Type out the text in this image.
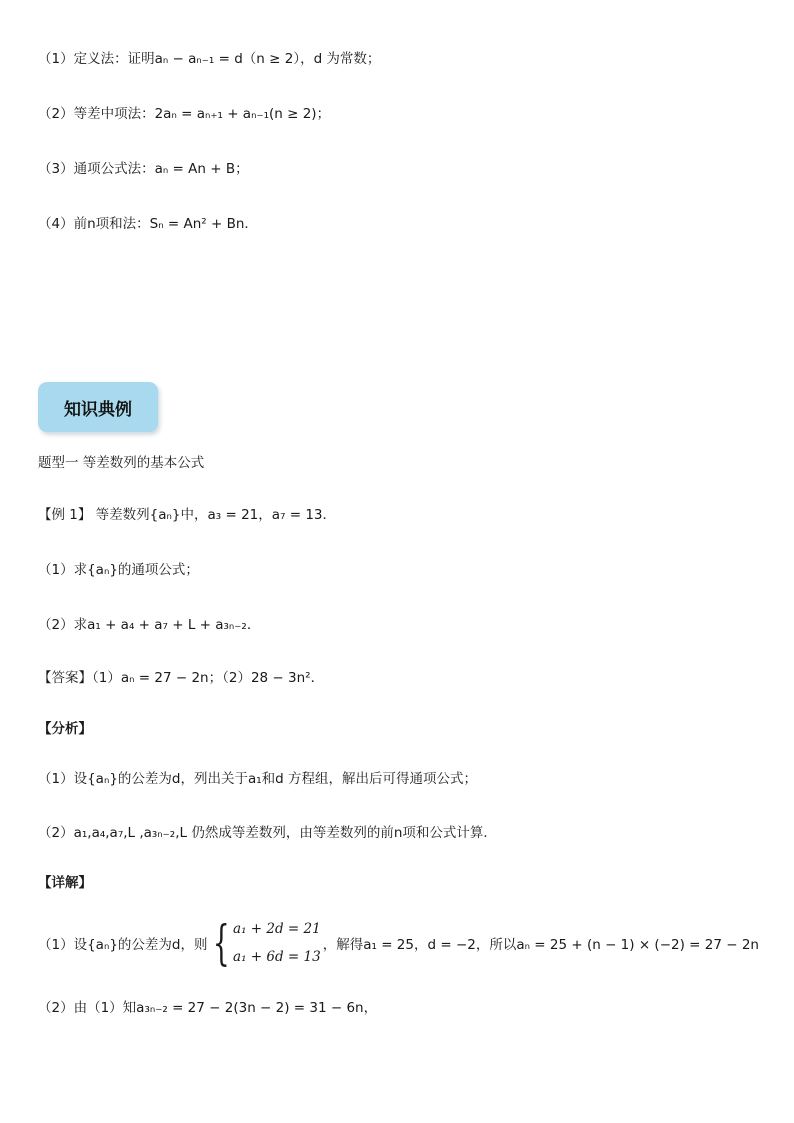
（1）定义法：证明aₙ − aₙ₋₁ = d（n ≥ 2），d 为常数；
（2）等差中项法：2aₙ = aₙ₊₁ + aₙ₋₁(n ≥ 2)；
（3）通项公式法：aₙ = An + B；
（4）前n项和法：Sₙ = An² + Bn．
知识典例
题型一 等差数列的基本公式
【例 1】 等差数列{aₙ}中，a₃ = 21，a₇ = 13．
（1）求{aₙ}的通项公式；
（2）求a₁ + a₄ + a₇ + L + a₃ₙ₋₂．
【答案】（1）aₙ = 27 − 2n；（2）28 − 3n²．
【分析】
（1）设{aₙ}的公差为d，列出关于a₁和d 方程组，解出后可得通项公式；
（2）a₁,a₄,a₇,L ,a₃ₙ₋₂,L 仍然成等差数列，由等差数列的前n项和公式计算．
【详解】
（1）设{aₙ}的公差为d，则 { a₁ + 2d = 21
a₁ + 6d = 13
，解得a₁ = 25，d = −2，所以aₙ = 25 + (n − 1) × (−2) = 27 − 2n
（2）由（1）知a₃ₙ₋₂ = 27 − 2(3n − 2) = 31 − 6n，
